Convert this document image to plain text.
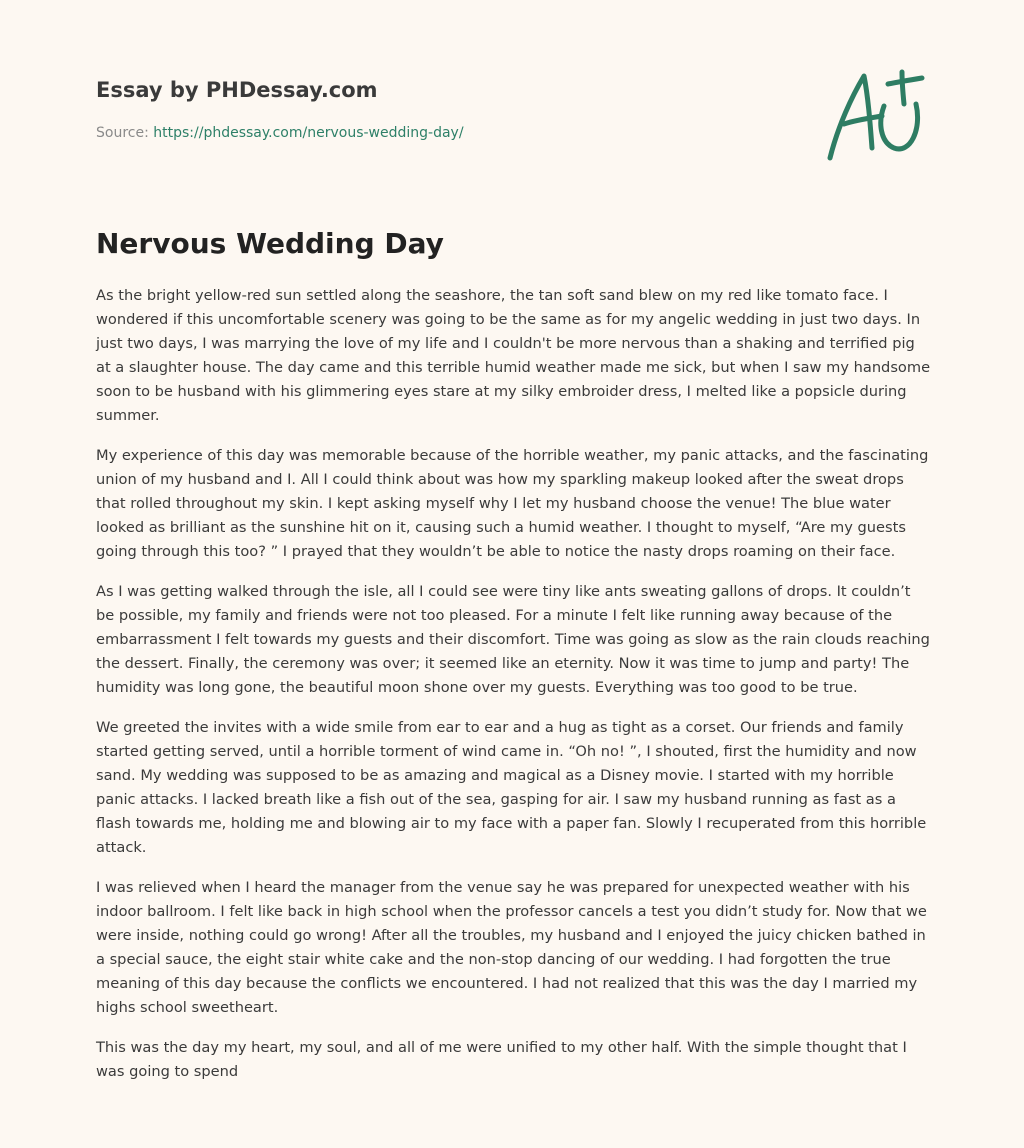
Essay by PHDessay.com
Source: https://phdessay.com/nervous-wedding-day/
Nervous Wedding Day

As the bright yellow-red sun settled along the seashore, the tan soft sand blew on my red like tomato face. I wondered if this uncomfortable scenery was going to be the same as for my angelic wedding in just two days. In just two days, I was marrying the love of my life and I couldn't be more nervous than a shaking and terrified pig at a slaughter house. The day came and this terrible humid weather made me sick, but when I saw my handsome soon to be husband with his glimmering eyes stare at my silky embroider dress, I melted like a popsicle during summer.

My experience of this day was memorable because of the horrible weather, my panic attacks, and the fascinating union of my husband and I. All I could think about was how my sparkling makeup looked after the sweat drops that rolled throughout my skin. I kept asking myself why I let my husband choose the venue! The blue water looked as brilliant as the sunshine hit on it, causing such a humid weather. I thought to myself, “Are my guests going through this too? ” I prayed that they wouldn’t be able to notice the nasty drops roaming on their face.

As I was getting walked through the isle, all I could see were tiny like ants sweating gallons of drops. It couldn’t be possible, my family and friends were not too pleased. For a minute I felt like running away because of the embarrassment I felt towards my guests and their discomfort. Time was going as slow as the rain clouds reaching the dessert. Finally, the ceremony was over; it seemed like an eternity. Now it was time to jump and party! The humidity was long gone, the beautiful moon shone over my guests. Everything was too good to be true.

We greeted the invites with a wide smile from ear to ear and a hug as tight as a corset. Our friends and family started getting served, until a horrible torment of wind came in. “Oh no! ”, I shouted, first the humidity and now sand. My wedding was supposed to be as amazing and magical as a Disney movie. I started with my horrible panic attacks. I lacked breath like a fish out of the sea, gasping for air. I saw my husband running as fast as a flash towards me, holding me and blowing air to my face with a paper fan. Slowly I recuperated from this horrible attack.

I was relieved when I heard the manager from the venue say he was prepared for unexpected weather with his indoor ballroom. I felt like back in high school when the professor cancels a test you didn’t study for. Now that we were inside, nothing could go wrong! After all the troubles, my husband and I enjoyed the juicy chicken bathed in a special sauce, the eight stair white cake and the non-stop dancing of our wedding. I had forgotten the true meaning of this day because the conflicts we encountered. I had not realized that this was the day I married my highs school sweetheart.

This was the day my heart, my soul, and all of me were unified to my other half. With the simple thought that I was going to spend
